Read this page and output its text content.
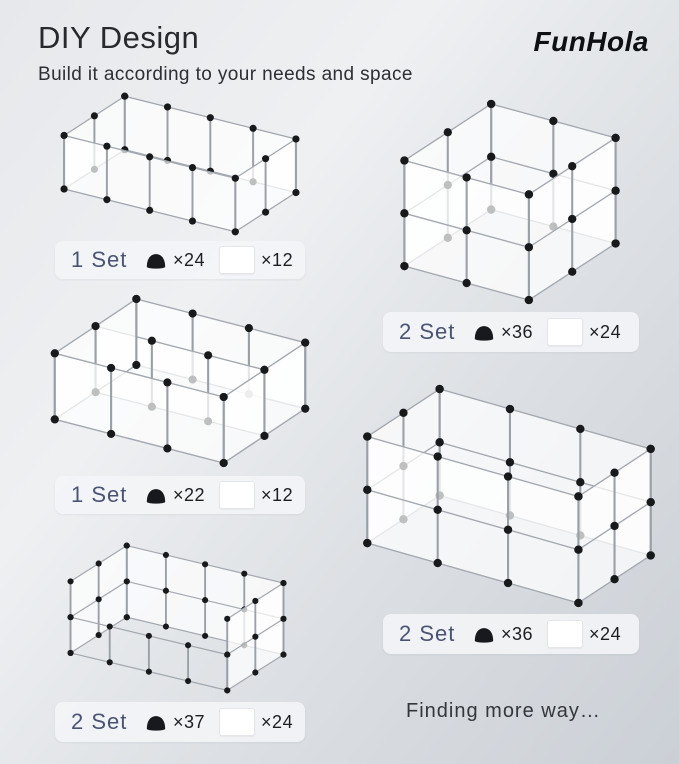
DIY Design	FunHola
Build it according to your needs and space
1 Set	×24	×12
1 Set	×22	×12
2 Set	×37	×24
2 Set	×36	×24
2 Set	×36	×24
Finding more way…
